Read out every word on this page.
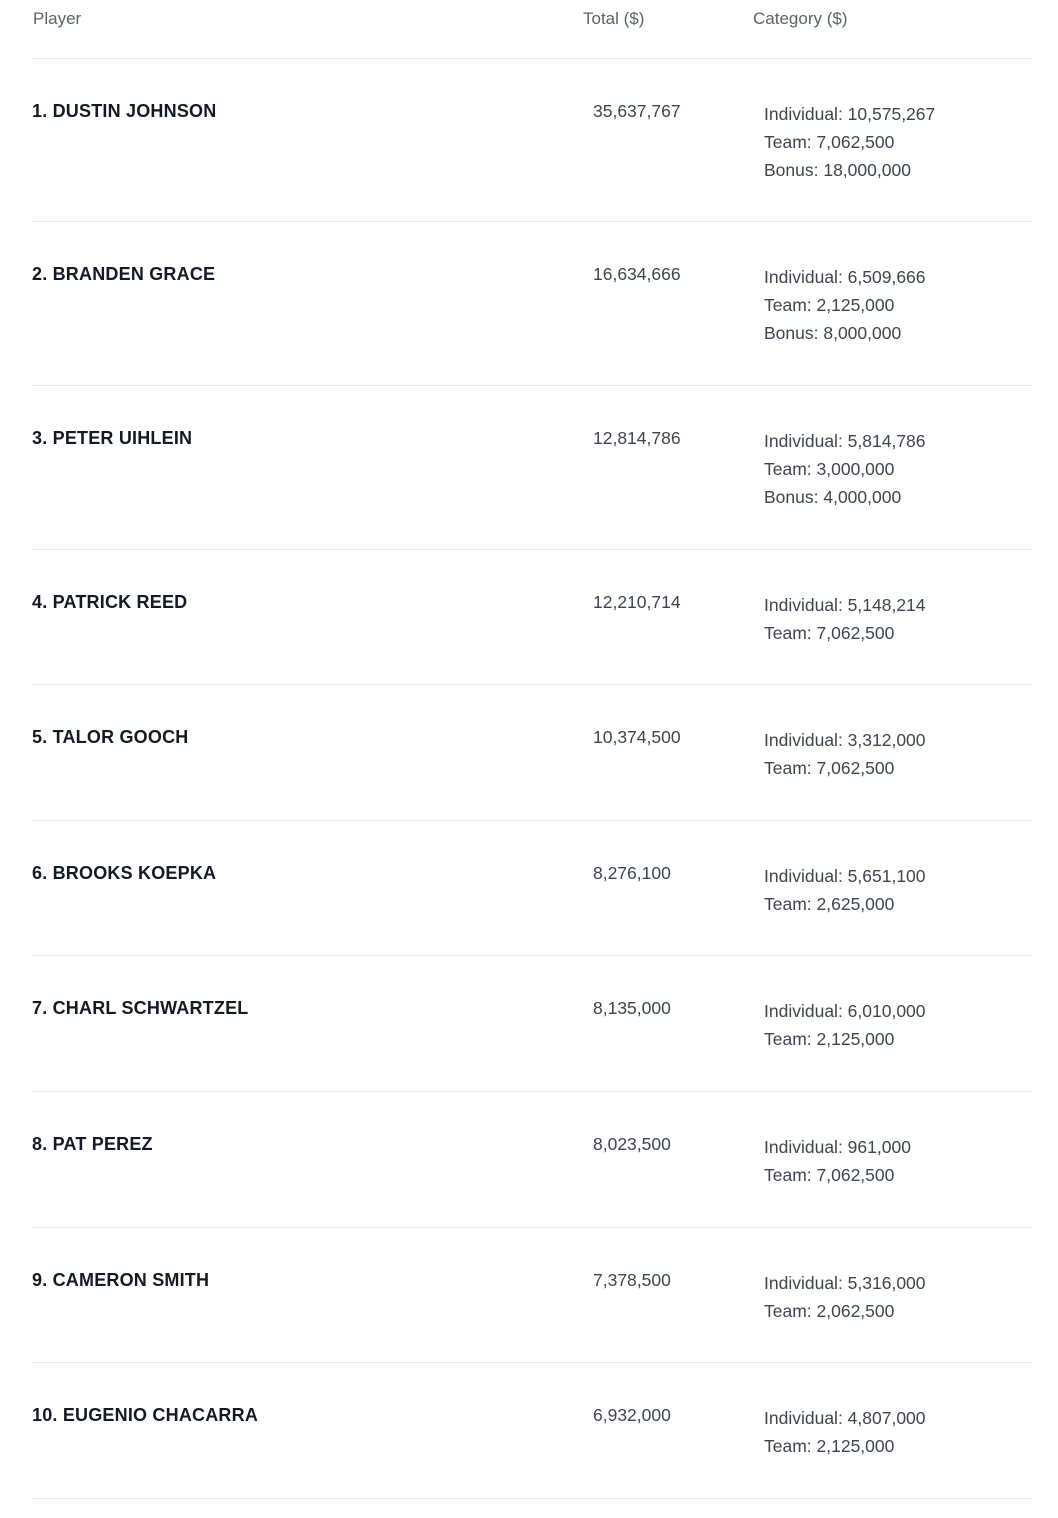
Player	Total ($)	Category ($)
1. DUSTIN JOHNSON	35,637,767	Individual: 10,575,267
Team: 7,062,500
Bonus: 18,000,000
2. BRANDEN GRACE	16,634,666	Individual: 6,509,666
Team: 2,125,000
Bonus: 8,000,000
3. PETER UIHLEIN	12,814,786	Individual: 5,814,786
Team: 3,000,000
Bonus: 4,000,000
4. PATRICK REED	12,210,714	Individual: 5,148,214
Team: 7,062,500
5. TALOR GOOCH	10,374,500	Individual: 3,312,000
Team: 7,062,500
6. BROOKS KOEPKA	8,276,100	Individual: 5,651,100
Team: 2,625,000
7. CHARL SCHWARTZEL	8,135,000	Individual: 6,010,000
Team: 2,125,000
8. PAT PEREZ	8,023,500	Individual: 961,000
Team: 7,062,500
9. CAMERON SMITH	7,378,500	Individual: 5,316,000
Team: 2,062,500
10. EUGENIO CHACARRA	6,932,000	Individual: 4,807,000
Team: 2,125,000
